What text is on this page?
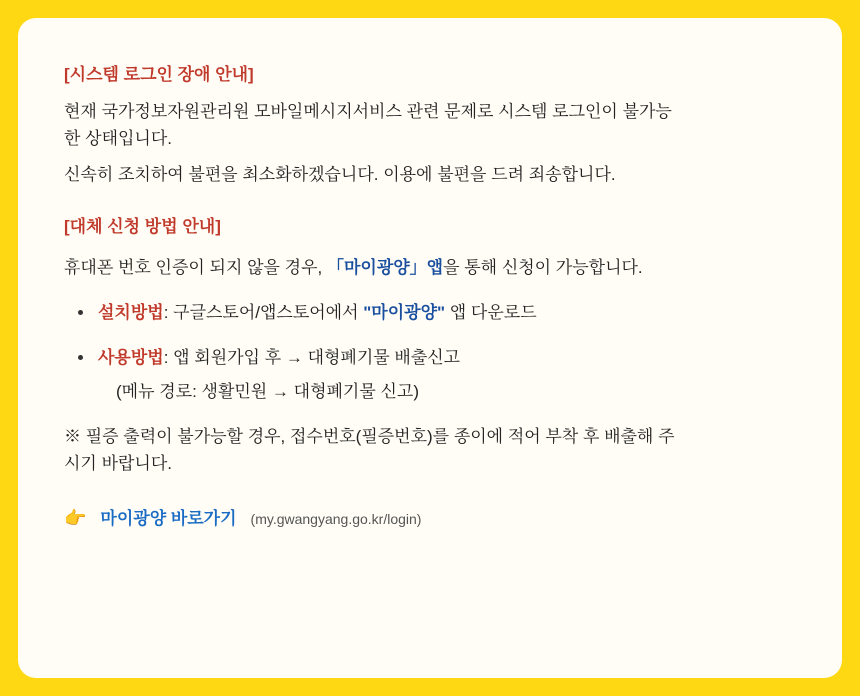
[시스템 로그인 장애 안내]

현재 국가정보자원관리원 모바일메시지서비스 관련 문제로 시스템 로그인이 불가능

한 상태입니다.

신속히 조치하여 불편을 최소화하겠습니다. 이용에 불편을 드려 죄송합니다.

[대체 신청 방법 안내]

휴대폰 번호 인증이 되지 않을 경우, 「마이광양」앱을 통해 신청이 가능합니다.

설치방법: 구글스토어/앱스토어에서 "마이광양" 앱 다운로드
사용방법: 앱 회원가입 후 → 대형폐기물 배출신고
(메뉴 경로: 생활민원 → 대형폐기물 신고)

※ 필증 출력이 불가능할 경우, 접수번호(필증번호)를 종이에 적어 부착 후 배출해 주

시기 바랍니다.

👉 마이광양 바로가기 (my.gwangyang.go.kr/login)
